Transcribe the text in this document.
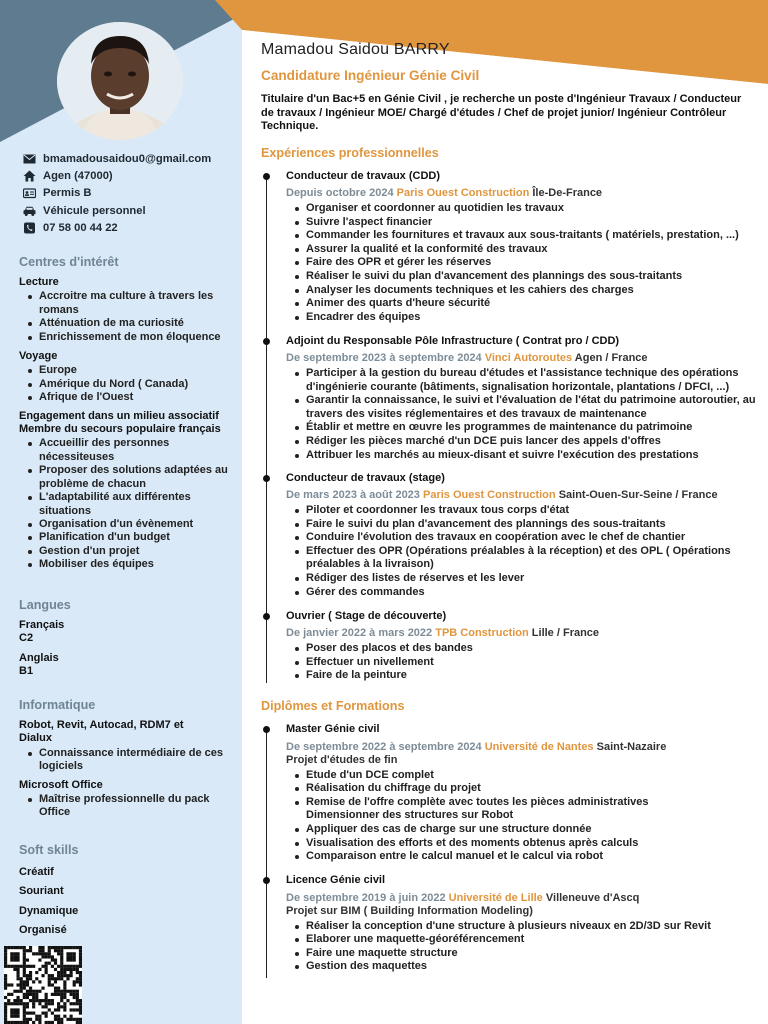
bmamadousaidou0@gmail.com
Agen (47000)
Permis B
Véhicule personnel
07 58 00 44 22
Centres d'intérêt
Lecture
Accroitre ma culture à travers les romans
Atténuation de ma curiosité
Enrichissement de mon éloquence
Voyage
Europe
Amérique du Nord ( Canada)
Afrique de l'Ouest
Engagement dans un milieu associatif Membre du secours populaire français
Accueillir des personnes nécessiteuses
Proposer des solutions adaptées au problème de chacun
L'adaptabilité aux différentes situations
Organisation d'un évènement
Planification d'un budget
Gestion d'un projet
Mobiliser des équipes
Langues
Français
C2
Anglais
B1
Informatique
Robot, Revit, Autocad, RDM7 et Dialux
Connaissance intermédiaire de ces logiciels
Microsoft Office
Maîtrise professionnelle du pack Office
Soft skills
Créatif
Souriant
Dynamique
Organisé
Mamadou Saidou BARRY
Candidature Ingénieur Génie Civil
Titulaire d'un Bac+5 en Génie Civil , je recherche un poste d'Ingénieur Travaux / Conducteur de travaux / Ingénieur MOE/ Chargé d'études / Chef de projet junior/ Ingénieur Contrôleur Technique.
Expériences professionnelles
Conducteur de travaux (CDD)
Depuis octobre 2024 Paris Ouest Construction Île-De-France
Organiser et coordonner au quotidien les travaux
Suivre l'aspect financier
Commander les fournitures et travaux aux sous-traitants ( matériels, prestation, ...)
Assurer la qualité et la conformité des travaux
Faire des OPR et gérer les réserves
Réaliser le suivi du plan d'avancement des plannings des sous-traitants
Analyser les documents techniques et les cahiers des charges
Animer des quarts d'heure sécurité
Encadrer des équipes
Adjoint du Responsable Pôle Infrastructure ( Contrat pro / CDD)
De septembre 2023 à septembre 2024 Vinci Autoroutes Agen / France
Participer à la gestion du bureau d'études et l'assistance technique des opérations d'ingénierie courante (bâtiments, signalisation horizontale, plantations / DFCI, ...)
Garantir la connaissance, le suivi et l'évaluation de l'état du patrimoine autoroutier, au travers des visites réglementaires et des travaux de maintenance
Établir et mettre en œuvre les programmes de maintenance du patrimoine
Rédiger les pièces marché d'un DCE puis lancer des appels d'offres
Attribuer les marchés au mieux-disant et suivre l'exécution des prestations
Conducteur de travaux (stage)
De mars 2023 à août 2023 Paris Ouest Construction Saint-Ouen-Sur-Seine / France
Piloter et coordonner les travaux tous corps d'état
Faire le suivi du plan d'avancement des plannings des sous-traitants
Conduire l'évolution des travaux en coopération avec le chef de chantier
Effectuer des OPR (Opérations préalables à la réception) et des OPL ( Opérations préalables à la livraison)
Rédiger des listes de réserves et les lever
Gérer des commandes
Ouvrier ( Stage de découverte)
De janvier 2022 à mars 2022 TPB Construction Lille / France
Poser des placos et des bandes
Effectuer un nivellement
Faire de la peinture
Diplômes et Formations
Master Génie civil
De septembre 2022 à septembre 2024 Université de Nantes Saint-Nazaire
Projet d'études de fin
Etude d'un DCE complet
Réalisation du chiffrage du projet
Remise de l'offre complète avec toutes les pièces administratives Dimensionner des structures sur Robot
Appliquer des cas de charge sur une structure donnée
Visualisation des efforts et des moments obtenus après calculs
Comparaison entre le calcul manuel et le calcul via robot
Licence Génie civil
De septembre 2019 à juin 2022 Université de Lille Villeneuve d'Ascq
Projet sur BIM ( Building Information Modeling)
Réaliser la conception d'une structure à plusieurs niveaux en 2D/3D sur Revit
Elaborer une maquette-géoréférencement
Faire une maquette structure
Gestion des maquettes
